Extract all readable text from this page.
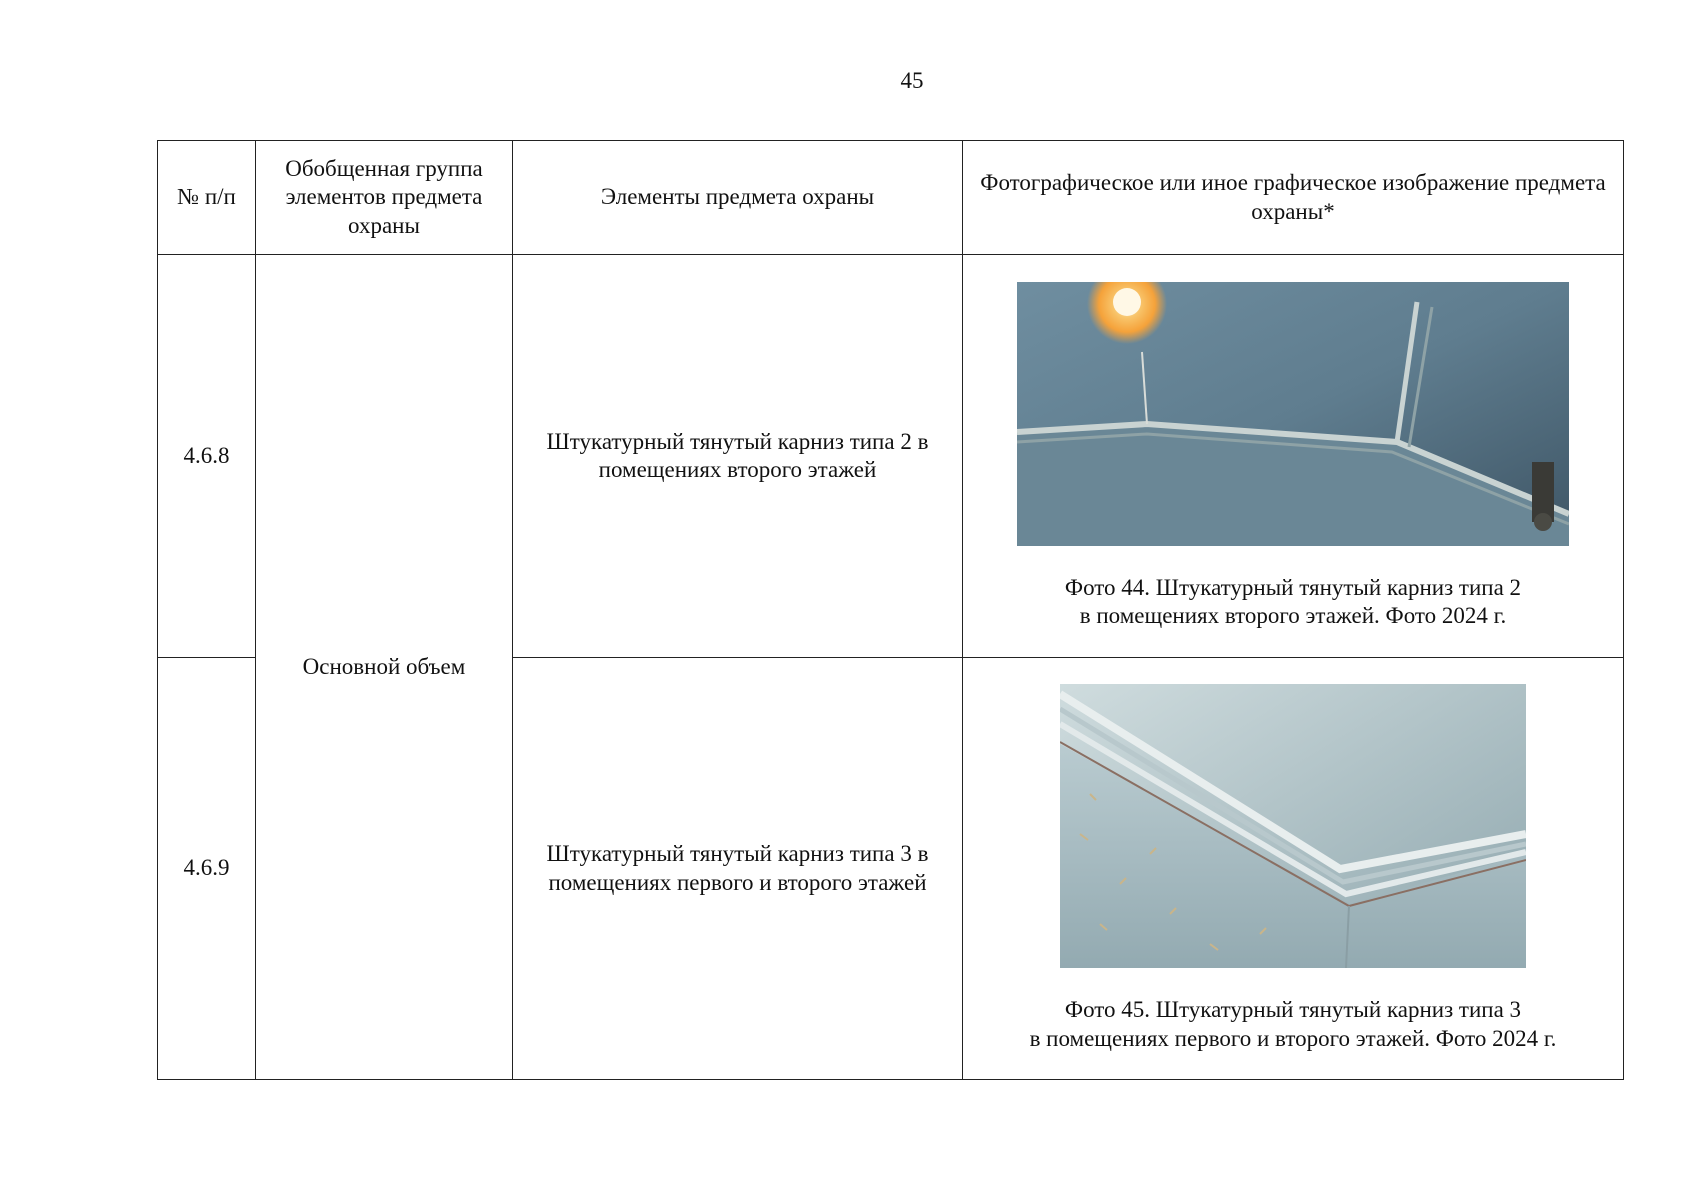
45
№ п/п	Обобщенная группа элементов предмета охраны	Элементы предмета охраны	Фотографическое или иное графическое изображение предмета охраны*
4.6.8	Основной объем	Штукатурный тянутый карниз типа 2 в помещениях второго этажей	Фото 44. Штукатурный тянутый карниз типа 2
в помещениях второго этажей. Фото 2024 г.

4.6.9		Штукатурный тянутый карниз типа 3 в помещениях первого и второго этажей	Фото 45. Штукатурный тянутый карниз типа 3
в помещениях первого и второго этажей. Фото 2024 г.
